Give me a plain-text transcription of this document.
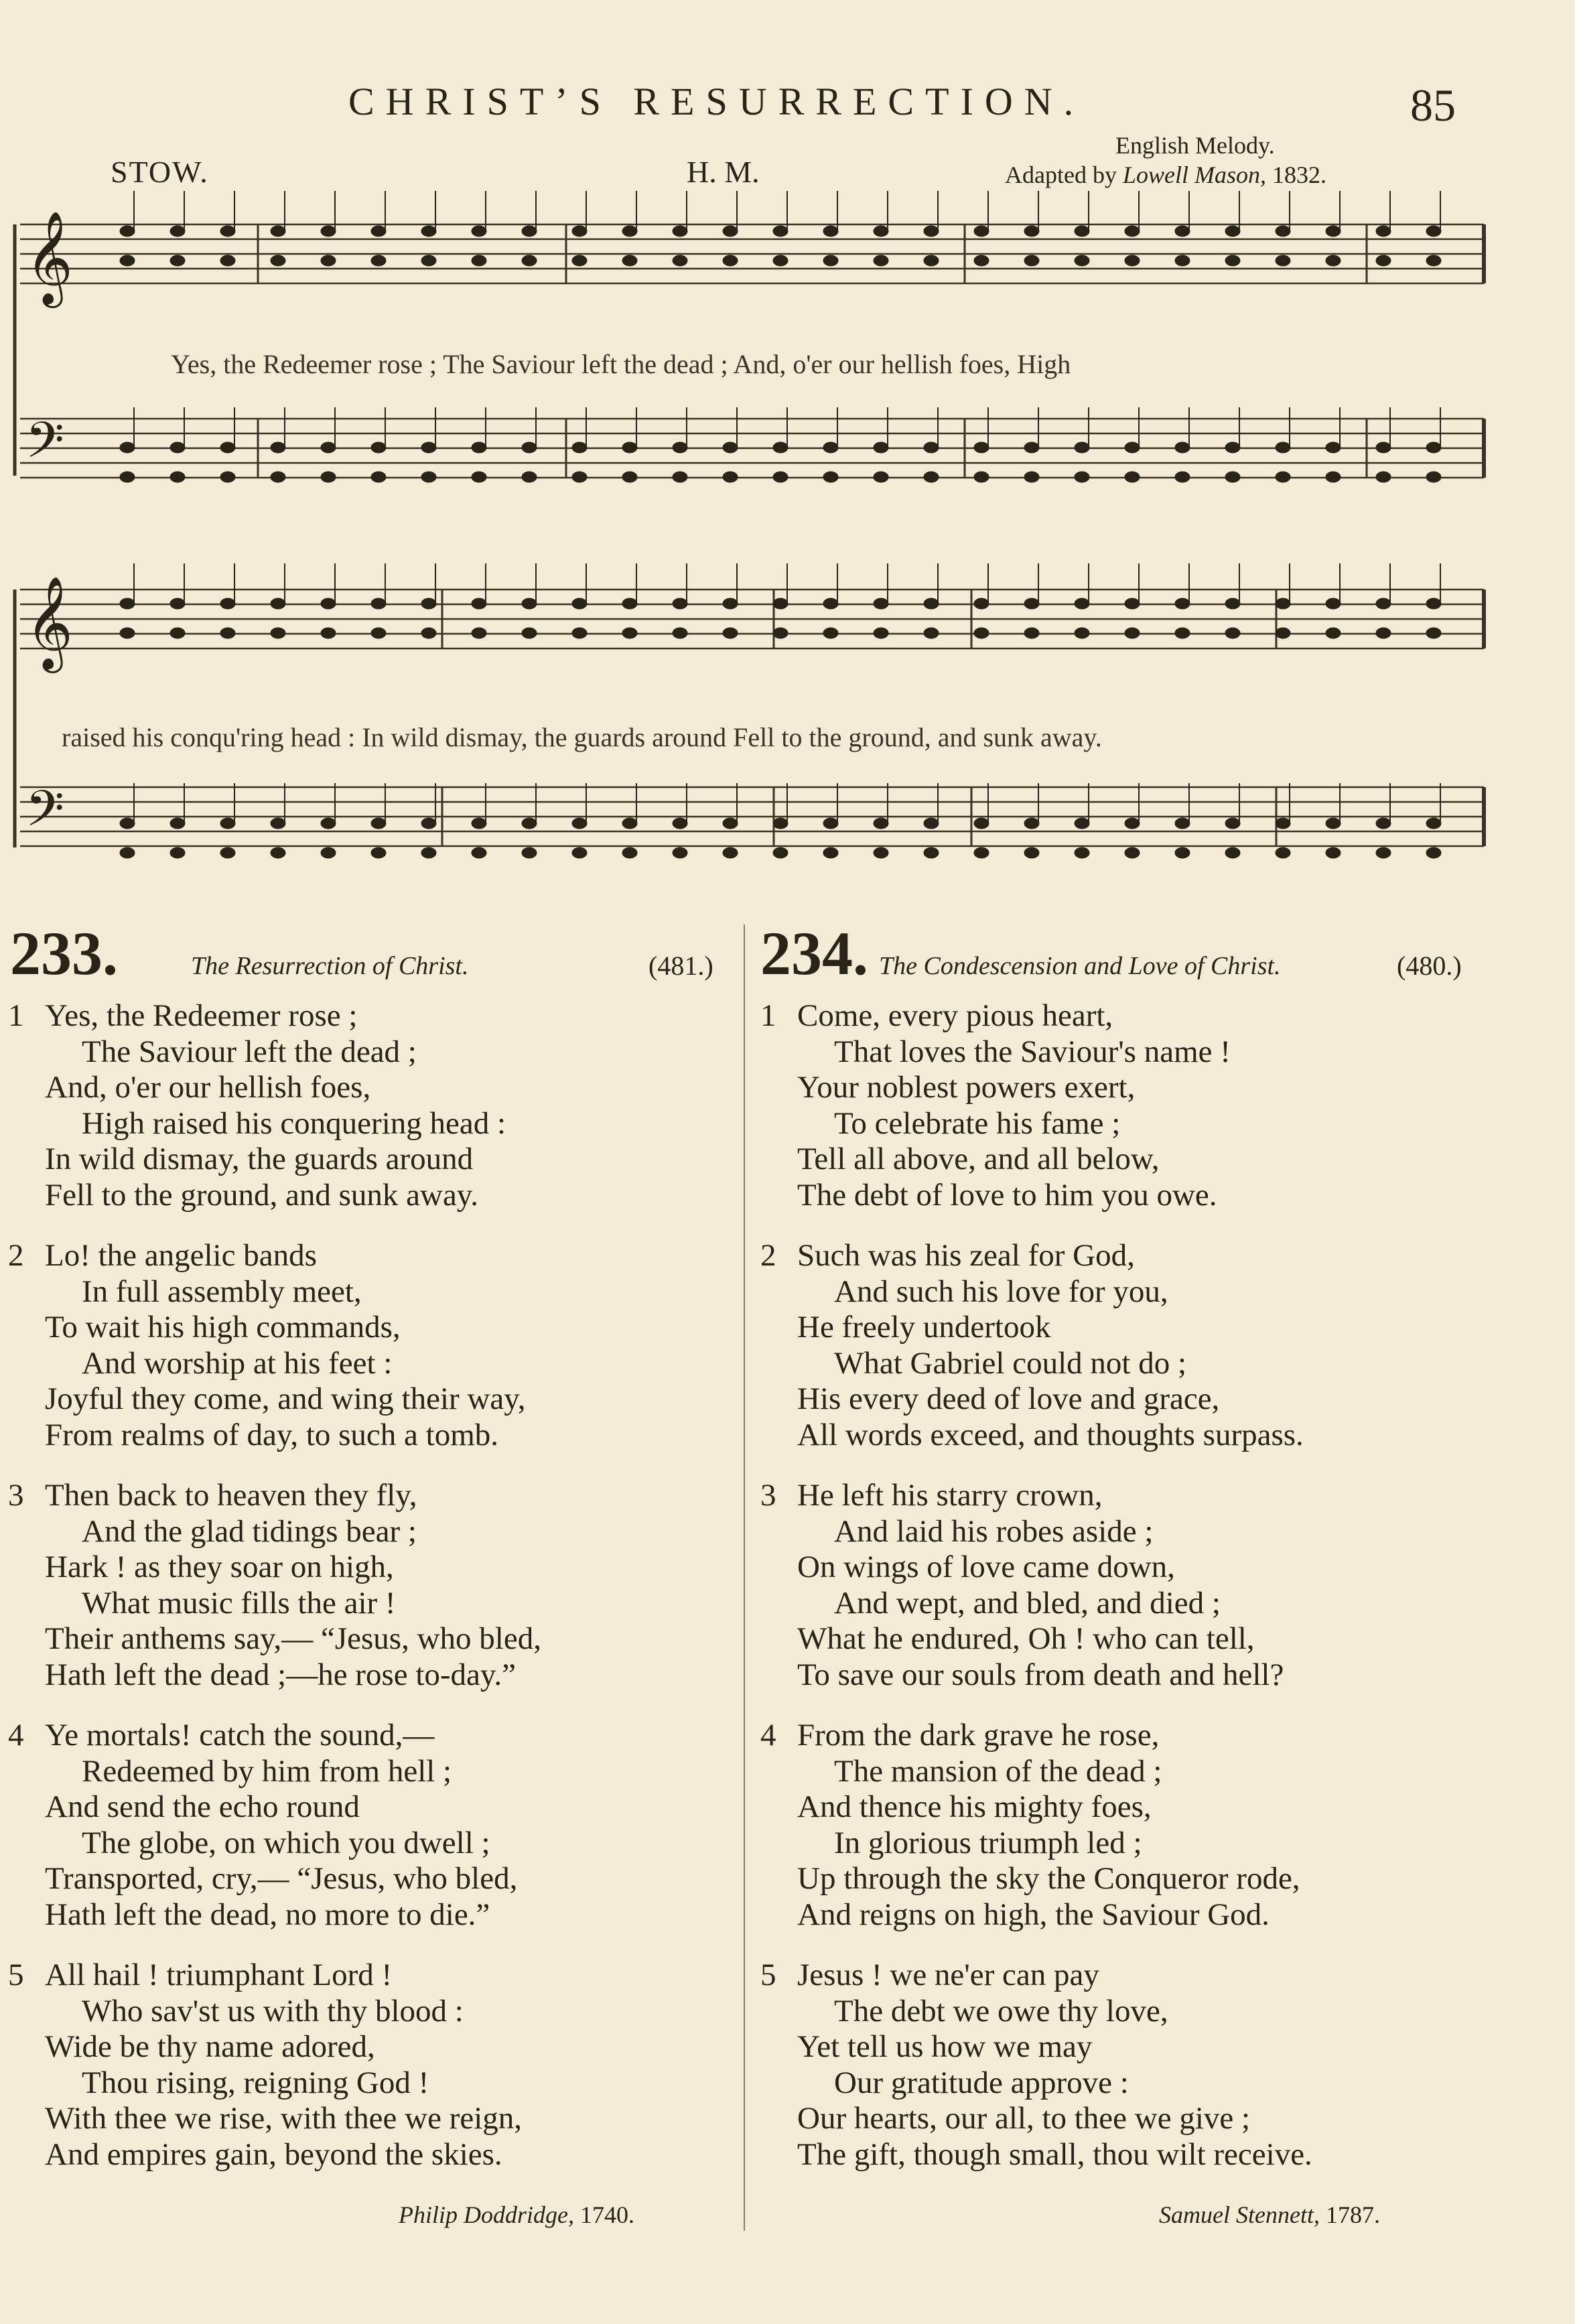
CHRIST’S RESURRECTION.	85
STOW.	H. M.
English Melody.
Adapted by Lowell Mason, 1832.
𝄞
𝄢
𝄞
𝄢
Yes, the Redeemer rose ; The Saviour left the dead ; And, o'er our hellish foes, High
raised his conqu'ring head : In wild dismay, the guards around Fell to the ground, and sunk away.
233.	The Resurrection of Christ.	(481.)
1 Yes, the Redeemer rose ;
The Saviour left the dead ;
And, o'er our hellish foes,
High raised his conquering head :
In wild dismay, the guards around
Fell to the ground, and sunk away.
2 Lo! the angelic bands
In full assembly meet,
To wait his high commands,
And worship at his feet :
Joyful they come, and wing their way,
From realms of day, to such a tomb.
3 Then back to heaven they fly,
And the glad tidings bear ;
Hark ! as they soar on high,
What music fills the air !
Their anthems say,— “Jesus, who bled,
Hath left the dead ;—he rose to-day.”
4 Ye mortals! catch the sound,—
Redeemed by him from hell ;
And send the echo round
The globe, on which you dwell ;
Transported, cry,— “Jesus, who bled,
Hath left the dead, no more to die.”
5 All hail ! triumphant Lord !
Who sav'st us with thy blood :
Wide be thy name adored,
Thou rising, reigning God !
With thee we rise, with thee we reign,
And empires gain, beyond the skies.
Philip Doddridge, 1740.
234. The Condescension and Love of Christ.	(480.)
1 Come, every pious heart,
That loves the Saviour's name !
Your noblest powers exert,
To celebrate his fame ;
Tell all above, and all below,
The debt of love to him you owe.
2 Such was his zeal for God,
And such his love for you,
He freely undertook
What Gabriel could not do ;
His every deed of love and grace,
All words exceed, and thoughts surpass.
3 He left his starry crown,
And laid his robes aside ;
On wings of love came down,
And wept, and bled, and died ;
What he endured, Oh ! who can tell,
To save our souls from death and hell?
4 From the dark grave he rose,
The mansion of the dead ;
And thence his mighty foes,
In glorious triumph led ;
Up through the sky the Conqueror rode,
And reigns on high, the Saviour God.
5 Jesus ! we ne'er can pay
The debt we owe thy love,
Yet tell us how we may
Our gratitude approve :
Our hearts, our all, to thee we give ;
The gift, though small, thou wilt receive.
Samuel Stennett, 1787.
